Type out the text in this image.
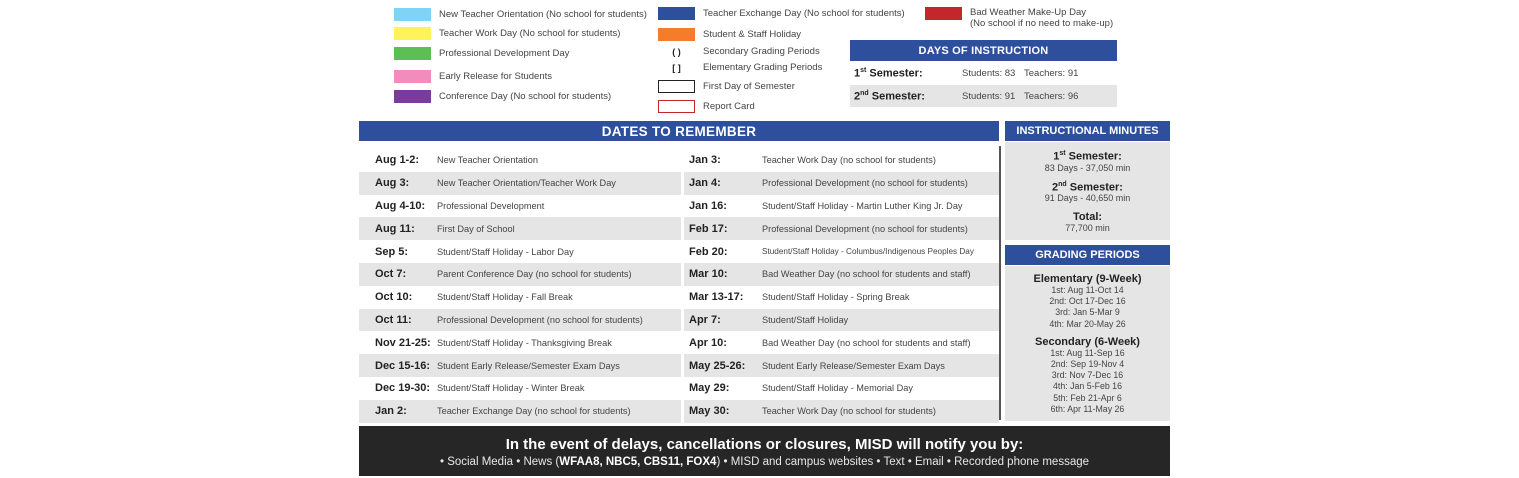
New Teacher Orientation (No school for students)
Teacher Work Day (No school for students)
Professional Development Day
Early Release for Students
Conference Day (No school for students)
Teacher Exchange Day (No school for students)
Student & Staff Holiday
( )	Secondary Grading Periods
[ ]	Elementary Grading Periods
First Day of Semester
Report Card
Bad Weather Make-Up Day
(No school if no need to make-up)
DAYS OF INSTRUCTION
1st Semester:	Students: 83 Teachers: 91
2nd Semester:	Students: 91 Teachers: 96
DATES TO REMEMBER
Aug 1-2:	New Teacher Orientation	Jan 3:	Teacher Work Day (no school for students)
Aug 3:	New Teacher Orientation/Teacher Work Day	Jan 4:	Professional Development (no school for students)
Aug 4-10:	Professional Development	Jan 16:	Student/Staff Holiday - Martin Luther King Jr. Day
Aug 11:	First Day of School	Feb 17:	Professional Development (no school for students)
Sep 5:	Student/Staff Holiday - Labor Day	Feb 20:	Student/Staff Holiday - Columbus/Indigenous Peoples Day
Oct 7:	Parent Conference Day (no school for students)	Mar 10:	Bad Weather Day (no school for students and staff)
Oct 10:	Student/Staff Holiday - Fall Break	Mar 13-17:	Student/Staff Holiday - Spring Break
Oct 11:	Professional Development (no school for students)	Apr 7:	Student/Staff Holiday
Nov 21-25: Student/Staff Holiday - Thanksgiving Break	Apr 10:	Bad Weather Day (no school for students and staff)
Dec 15-16: Student Early Release/Semester Exam Days	May 25-26:	Student Early Release/Semester Exam Days
Dec 19-30: Student/Staff Holiday - Winter Break	May 29:	Student/Staff Holiday - Memorial Day
Jan 2:	Teacher Exchange Day (no school for students)	May 30:	Teacher Work Day (no school for students)
INSTRUCTIONAL MINUTES
1st Semester:
83 Days - 37,050 min
2nd Semester:
91 Days - 40,650 min
Total:
77,700 min
GRADING PERIODS
Elementary (9-Week)
1st: Aug 11-Oct 14
2nd: Oct 17-Dec 16
3rd: Jan 5-Mar 9
4th: Mar 20-May 26
Secondary (6-Week)
1st: Aug 11-Sep 16
2nd: Sep 19-Nov 4
3rd: Nov 7-Dec 16
4th: Jan 5-Feb 16
5th: Feb 21-Apr 6
6th: Apr 11-May 26
In the event of delays, cancellations or closures, MISD will notify you by:
• Social Media • News (WFAA8, NBC5, CBS11, FOX4) • MISD and campus websites • Text • Email • Recorded phone message
